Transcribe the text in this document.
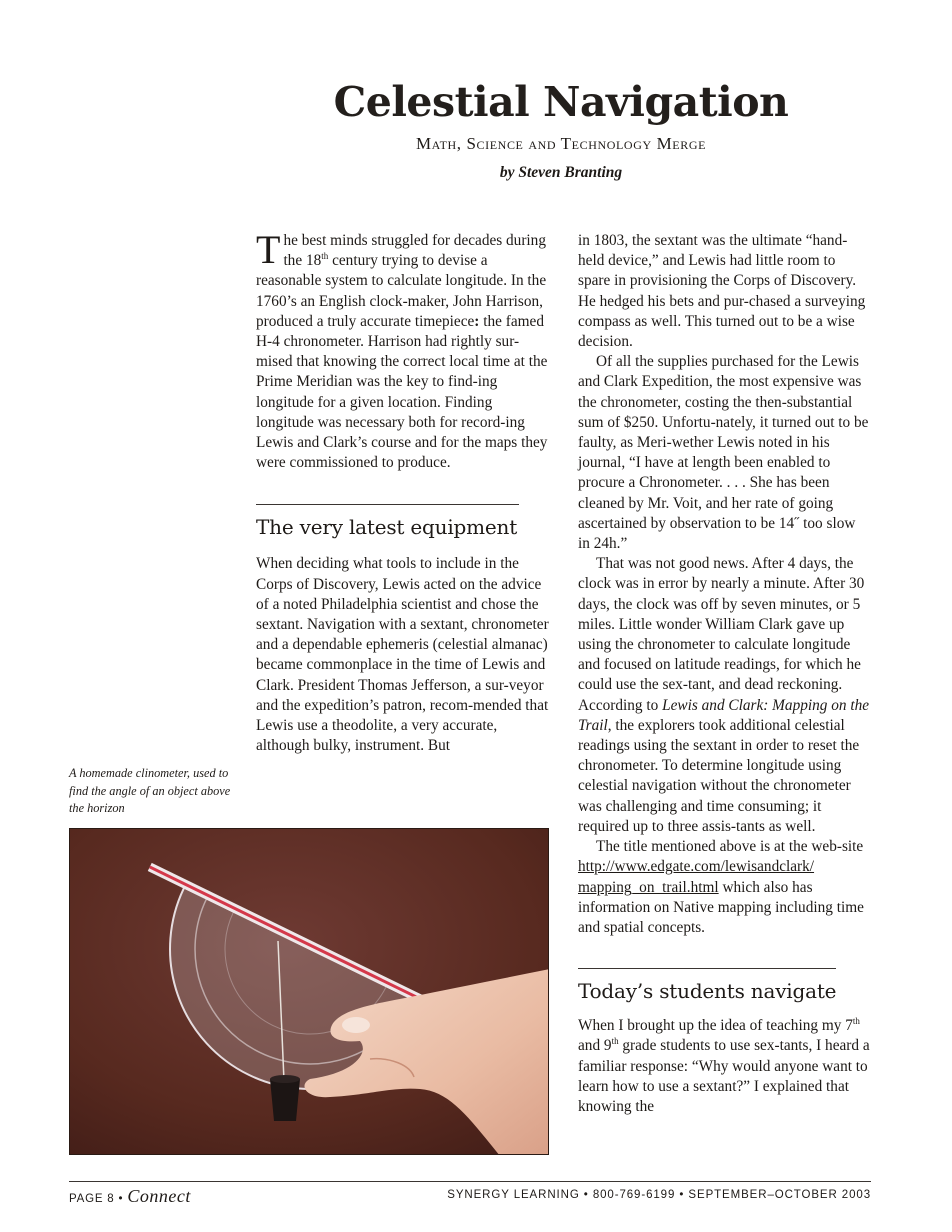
Celestial Navigation

Math, Science and Technology Merge

by Steven Branting

The best minds struggled for decades during the 18th century trying to devise a reasonable system to calculate longitude. In the 1760’s an English clock-maker, John Harrison, produced a truly accurate timepiece: the famed H-4 chronometer. Harrison had rightly sur-mised that knowing the correct local time at the Prime Meridian was the key to find-ing longitude for a given location. Finding longitude was necessary both for record-ing Lewis and Clark’s course and for the maps they were commissioned to produce.

The very latest equipment

When deciding what tools to include in the Corps of Discovery, Lewis acted on the advice of a noted Philadelphia scientist and chose the sextant. Navigation with a sextant, chronometer and a dependable ephemeris (celestial almanac) became commonplace in the time of Lewis and Clark. President Thomas Jefferson, a sur-veyor and the expedition’s patron, recom-mended that Lewis use a theodolite, a very accurate, although bulky, instrument. But

in 1803, the sextant was the ultimate “hand-held device,” and Lewis had little room to spare in provisioning the Corps of Discovery. He hedged his bets and pur-chased a surveying compass as well. This turned out to be a wise decision.

Of all the supplies purchased for the Lewis and Clark Expedition, the most expensive was the chronometer, costing the then-substantial sum of $250. Unfortu-nately, it turned out to be faulty, as Meri-wether Lewis noted in his journal, “I have at length been enabled to procure a Chronometer. . . . She has been cleaned by Mr. Voit, and her rate of going ascertained by observation to be 14˝ too slow in 24h.”

That was not good news. After 4 days, the clock was in error by nearly a minute. After 30 days, the clock was off by seven minutes, or 5 miles. Little wonder William Clark gave up using the chronometer to calculate longitude and focused on latitude readings, for which he could use the sex-tant, and dead reckoning. According to Lewis and Clark: Mapping on the Trail, the explorers took additional celestial readings using the sextant in order to reset the chronometer. To determine longitude using celestial navigation without the chronometer was challenging and time consuming; it required up to three assis-tants as well.

The title mentioned above is at the web-site http://www.edgate.com/lewisandclark/ mapping_on_trail.html which also has information on Native mapping including time and spatial concepts.

Today’s students navigate

When I brought up the idea of teaching my 7th and 9th grade students to use sex-tants, I heard a familiar response: “Why would anyone want to learn how to use a sextant?” I explained that knowing the

A homemade clinometer, used to find the angle of an object above the horizon

PAGE 8 • Connect	SYNERGY LEARNING • 800-769-6199 • SEPTEMBER–OCTOBER 2003
